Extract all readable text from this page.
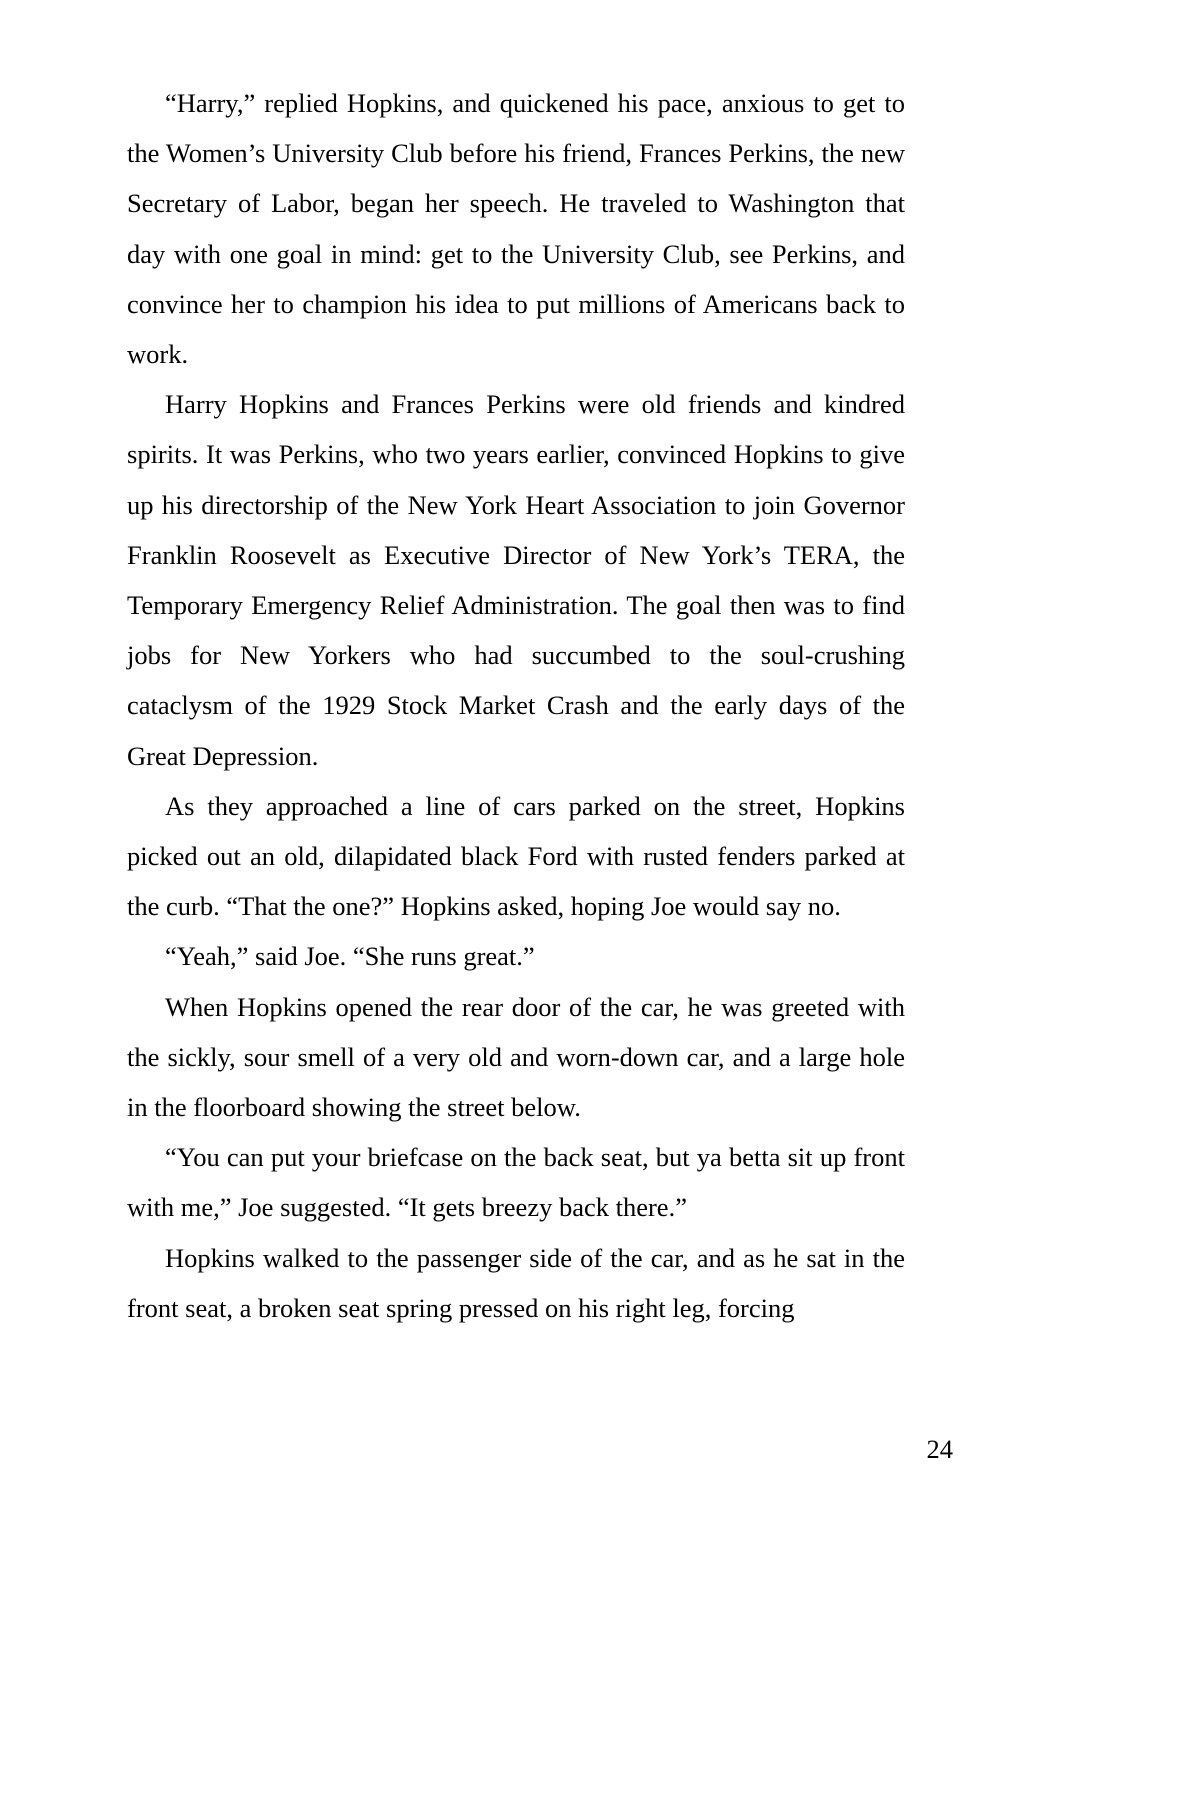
“Harry,” replied Hopkins, and quickened his pace, anxious to get to the Women’s University Club before his friend, Frances Perkins, the new Secretary of Labor, began her speech. He traveled to Washington that day with one goal in mind: get to the University Club, see Perkins, and convince her to champion his idea to put millions of Americans back to work.

Harry Hopkins and Frances Perkins were old friends and kindred spirits. It was Perkins, who two years earlier, convinced Hopkins to give up his directorship of the New York Heart Association to join Governor Franklin Roosevelt as Executive Director of New York’s TERA, the Temporary Emergency Relief Administration. The goal then was to find jobs for New Yorkers who had succumbed to the soul-crushing cataclysm of the 1929 Stock Market Crash and the early days of the Great Depression.

As they approached a line of cars parked on the street, Hopkins picked out an old, dilapidated black Ford with rusted fenders parked at the curb. “That the one?” Hopkins asked, hoping Joe would say no.

“Yeah,” said Joe. “She runs great.”

When Hopkins opened the rear door of the car, he was greeted with the sickly, sour smell of a very old and worn-down car, and a large hole in the floorboard showing the street below.

“You can put your briefcase on the back seat, but ya betta sit up front with me,” Joe suggested. “It gets breezy back there.”

Hopkins walked to the passenger side of the car, and as he sat in the front seat, a broken seat spring pressed on his right leg, forcing

24
